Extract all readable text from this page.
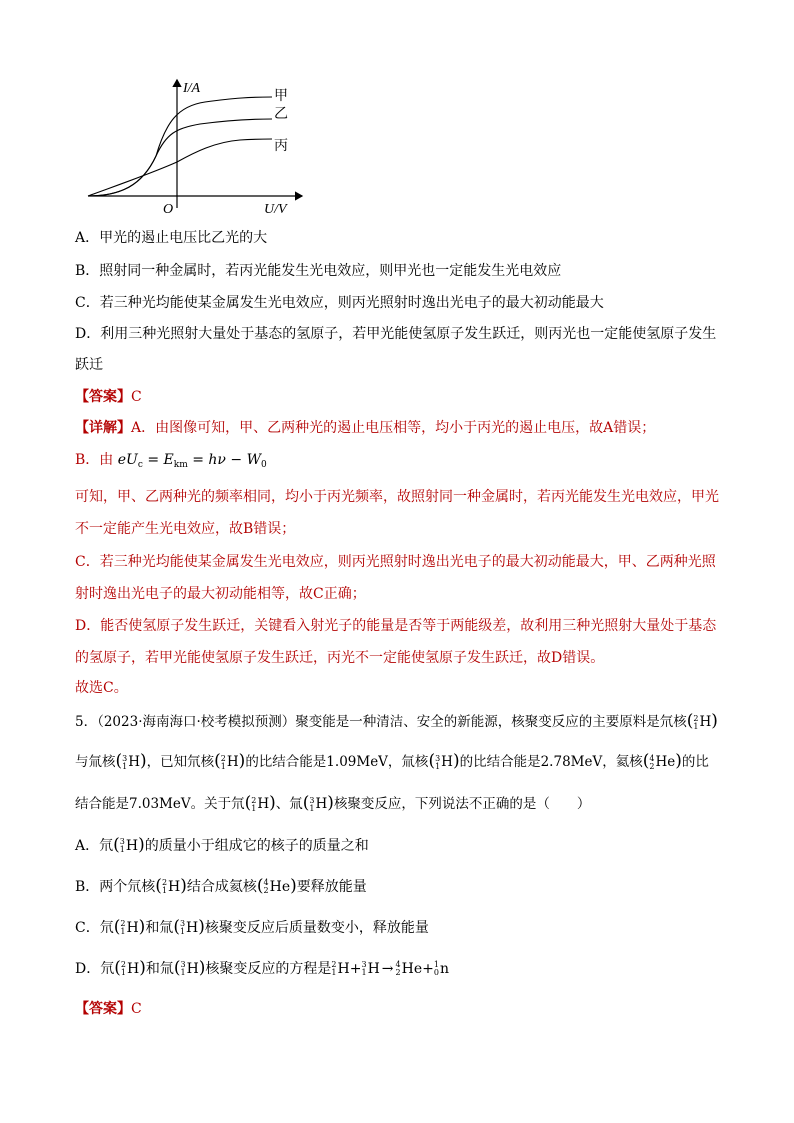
I/A
U/V
O
甲
乙
丙
A．甲光的遏止电压比乙光的大
B．照射同一种金属时，若丙光能发生光电效应，则甲光也一定能发生光电效应
C．若三种光均能使某金属发生光电效应，则丙光照射时逸出光电子的最大初动能最大
D．利用三种光照射大量处于基态的氢原子，若甲光能使氢原子发生跃迁，则丙光也一定能使氢原子发生
跃迁
【答案】C
【详解】A．由图像可知，甲、乙两种光的遏止电压相等，均小于丙光的遏止电压，故A错误；
B．由 $eU_c = E_{km} = h\nu - W_0$
可知，甲、乙两种光的频率相同，均小于丙光频率，故照射同一种金属时，若丙光能发生光电效应，甲光
不一定能产生光电效应，故B错误；
C．若三种光均能使某金属发生光电效应，则丙光照射时逸出光电子的最大初动能最大，甲、乙两种光照
射时逸出光电子的最大初动能相等，故C正确；
D．能否使氢原子发生跃迁，关键看入射光子的能量是否等于两能级差，故利用三种光照射大量处于基态
的氢原子，若甲光能使氢原子发生跃迁，丙光不一定能使氢原子发生跃迁，故D错误。
故选C。
5．（2023·海南海口·校考模拟预测）聚变能是一种清洁、安全的新能源，核聚变反应的主要原料是氘核( 2
1 H)
与氚核( 3
1 H)，已知氘核( 2
1 H)的比结合能是1.09MeV，氚核( 3
1 H)的比结合能是2.78MeV，氦核( 4
2 He)的比
结合能是7.03MeV。关于氘( 2
1 H)、氚( 3
1 H)核聚变反应，下列说法不正确的是（　　）
A．氘( 3
1 H)的质量小于组成它的核子的质量之和
B．两个氘核( 2
1 H)结合成氦核( 4
2 He)要释放能量
C．氘( 2
1 H)和氚( 3
1 H)核聚变反应后质量数变小，释放能量
D．氘( 2
1 H)和氚( 3
1 H)核聚变反应的方程是 2
1 H+ 3
1 H → 4
2 He+ 1
0 n
【答案】C
